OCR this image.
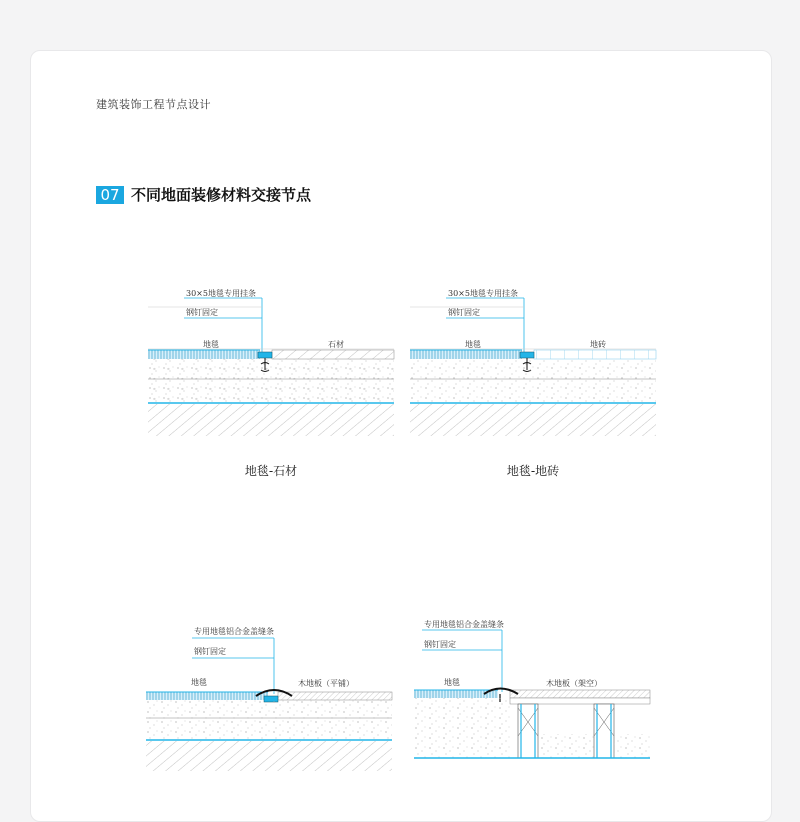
建筑装饰工程节点设计
07 不同地面装修材料交接节点
30×5地毯专用挂条
钢钉固定
地毯	石材
地毯-石材
30×5地毯专用挂条
钢钉固定
地毯	地砖
地毯-地砖
专用地毯铝合金盖缝条
钢钉固定
地毯	木地板（平铺）
专用地毯铝合金盖缝条
钢钉固定
地毯	木地板（架空）
